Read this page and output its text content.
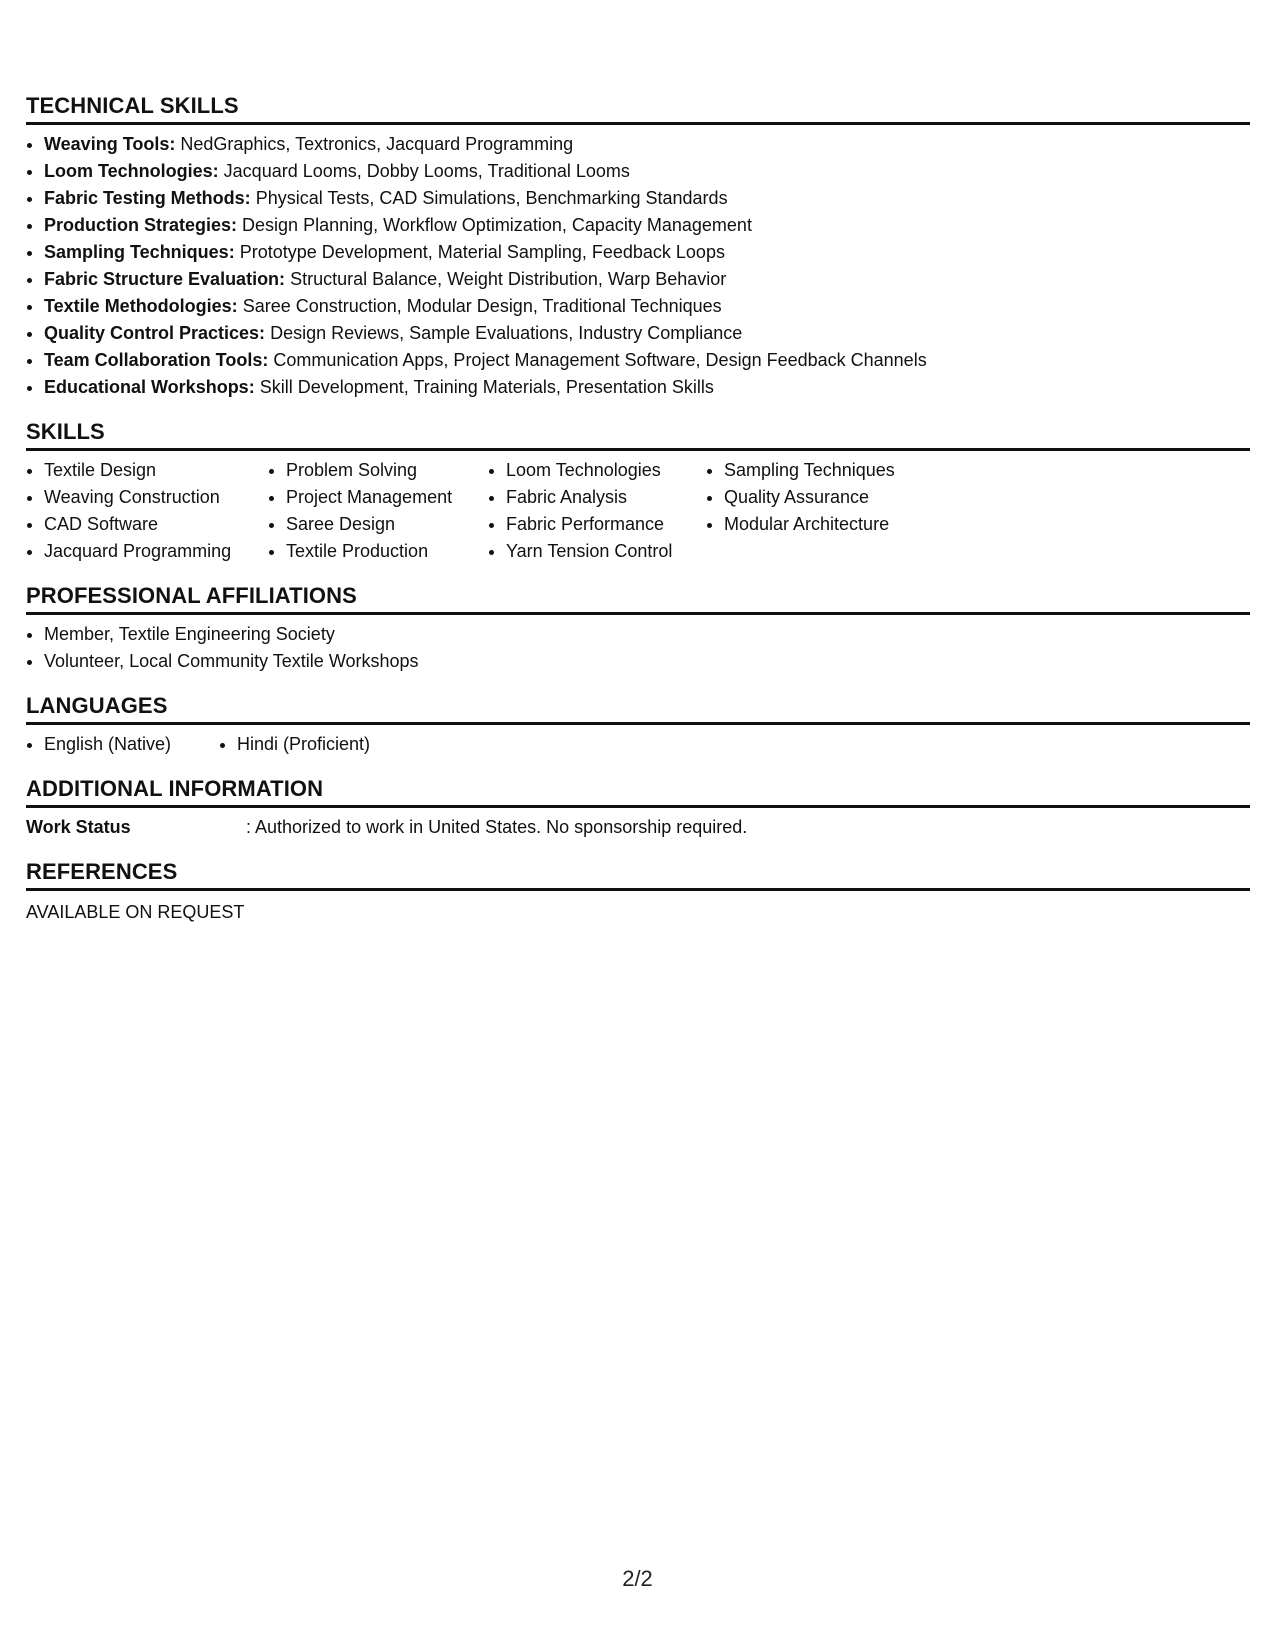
TECHNICAL SKILLS
• Weaving Tools: NedGraphics, Textronics, Jacquard Programming
• Loom Technologies: Jacquard Looms, Dobby Looms, Traditional Looms
• Fabric Testing Methods: Physical Tests, CAD Simulations, Benchmarking Standards
• Production Strategies: Design Planning, Workflow Optimization, Capacity Management
• Sampling Techniques: Prototype Development, Material Sampling, Feedback Loops
• Fabric Structure Evaluation: Structural Balance, Weight Distribution, Warp Behavior
• Textile Methodologies: Saree Construction, Modular Design, Traditional Techniques
• Quality Control Practices: Design Reviews, Sample Evaluations, Industry Compliance
• Team Collaboration Tools: Communication Apps, Project Management Software, Design Feedback Channels
• Educational Workshops: Skill Development, Training Materials, Presentation Skills
SKILLS
• Textile Design
• Weaving Construction
• CAD Software
• Jacquard Programming
• Problem Solving
• Project Management
• Saree Design
• Textile Production
• Loom Technologies
• Fabric Analysis
• Fabric Performance
• Yarn Tension Control
• Sampling Techniques
• Quality Assurance
• Modular Architecture
PROFESSIONAL AFFILIATIONS
• Member, Textile Engineering Society
• Volunteer, Local Community Textile Workshops
LANGUAGES
• English (Native)
•	Hindi (Proficient)
ADDITIONAL INFORMATION
Work Status	: Authorized to work in United States. No sponsorship required.
REFERENCES
AVAILABLE ON REQUEST
2/2
